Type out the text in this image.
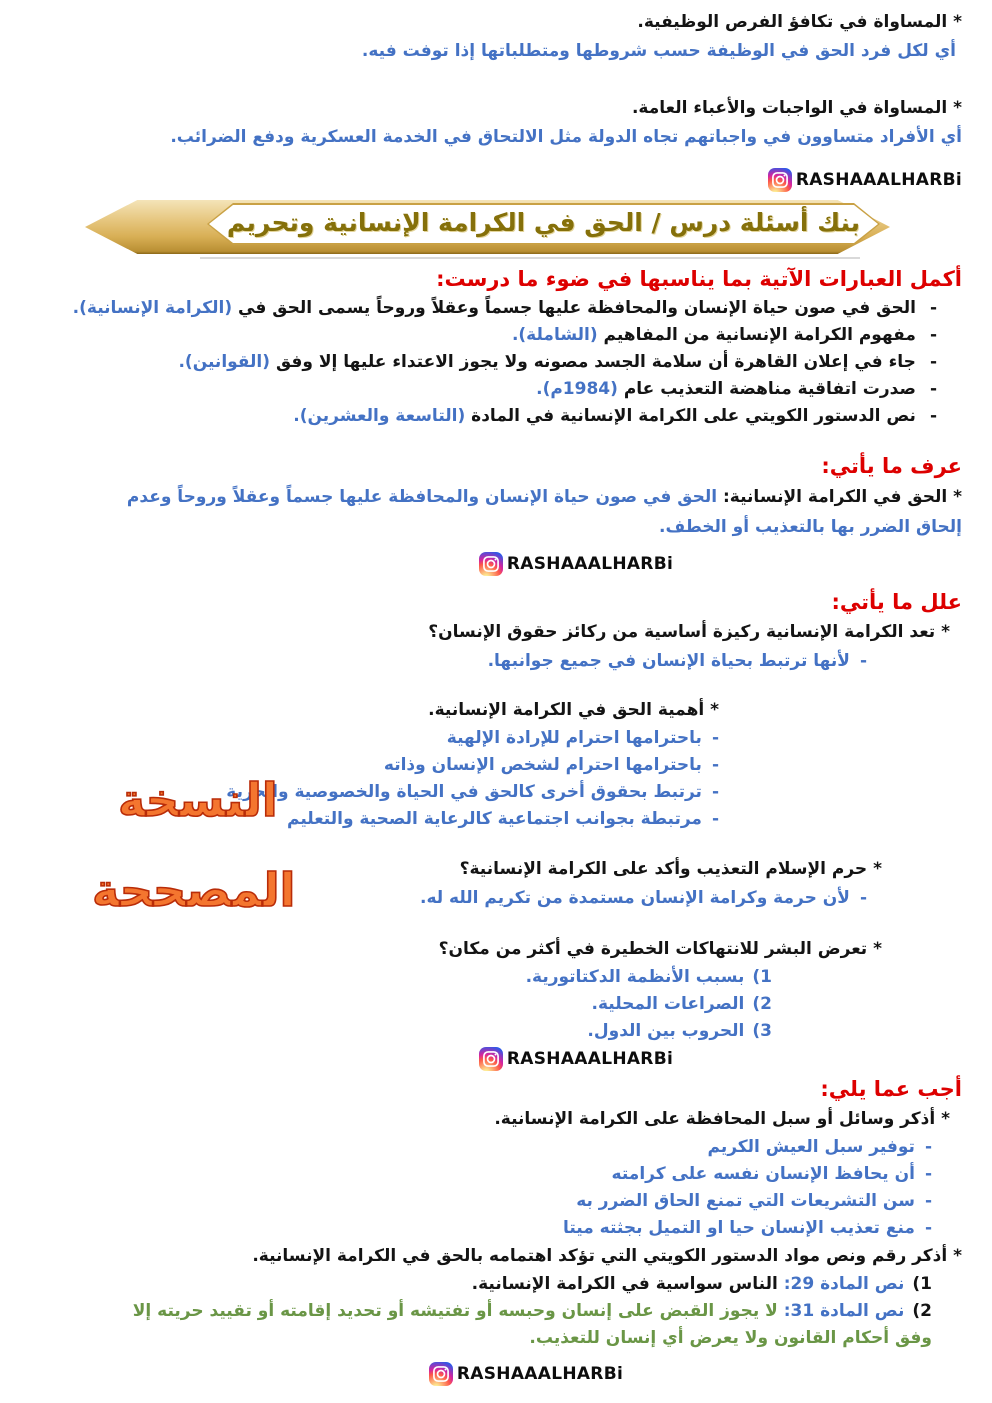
* المساواة في تكافؤ الفرص الوظيفية.

أي لكل فرد الحق في الوظيفة حسب شروطها ومتطلباتها إذا توفت فيه.

* المساواة في الواجبات والأعباء العامة.

أي الأفراد متساوون في واجباتهم تجاه الدولة مثل الالتحاق في الخدمة العسكرية ودفع الضرائب.

RASHAAALHARBi
بنك أسئلة درس / الحق في الكرامة الإنسانية وتحريم

أكمل العبارات الآتية بما يناسبها في ضوء ما درست:

-الحق في صون حياة الإنسان والمحافظة عليها جسماً وعقلاً وروحاً يسمى الحق في (الكرامة الإنسانية).
-مفهوم الكرامة الإنسانية من المفاهيم (الشاملة).
-جاء في إعلان القاهرة أن سلامة الجسد مصونه ولا يجوز الاعتداء عليها إلا وفق (القوانين).
-صدرت اتفاقية مناهضة التعذيب عام (1984م).
-نص الدستور الكويتي على الكرامة الإنسانية في المادة (التاسعة والعشرين).

عرف ما يأتي:

* الحق في الكرامة الإنسانية: الحق في صون حياة الإنسان والمحافظة عليها جسماً وعقلاً وروحاً وعدم إلحاق الضرر بها بالتعذيب أو الخطف.

RASHAAALHARBi

علل ما يأتي:

* تعد الكرامة الإنسانية ركيزة أساسية من ركائز حقوق الإنسان؟

-لأنها ترتبط بحياة الإنسان في جميع جوانبها.

* أهمية الحق في الكرامة الإنسانية.

-باحترامها احترام للإرادة الإلهية
-باحترامها احترام لشخص الإنسان وذاته
-ترتبط بحقوق أخرى كالحق في الحياة والخصوصية والحرية
-مرتبطة بجوانب اجتماعية كالرعاية الصحية والتعليم

* حرم الإسلام التعذيب وأكد على الكرامة الإنسانية؟

-لأن حرمة وكرامة الإنسان مستمدة من تكريم الله له.

* تعرض البشر للانتهاكات الخطيرة في أكثر من مكان؟

1)بسبب الأنظمة الدكتاتورية.
2)الصراعات المحلية.
3)الحروب بين الدول.
RASHAAALHARBi

أجب عما يلي:

* أذكر وسائل أو سبل المحافظة على الكرامة الإنسانية.

-توفير سبل العيش الكريم
-أن يحافظ الإنسان نفسه على كرامته
-سن التشريعات التي تمنع الحاق الضرر به
-منع تعذيب الإنسان حيا او التميل بجثته ميتا

* أذكر رقم ونص مواد الدستور الكويتي التي تؤكد اهتمامه بالحق في الكرامة الإنسانية.

1)نص المادة 29: الناس سواسية في الكرامة الإنسانية.
2)نص المادة 31: لا يجوز القبض على إنسان وحبسه أو تفتيشه أو تحديد إقامته أو تقييد حريته إلا وفق أحكام القانون ولا يعرض أي إنسان للتعذيب.
RASHAAALHARBi
النسخة
المصححة
